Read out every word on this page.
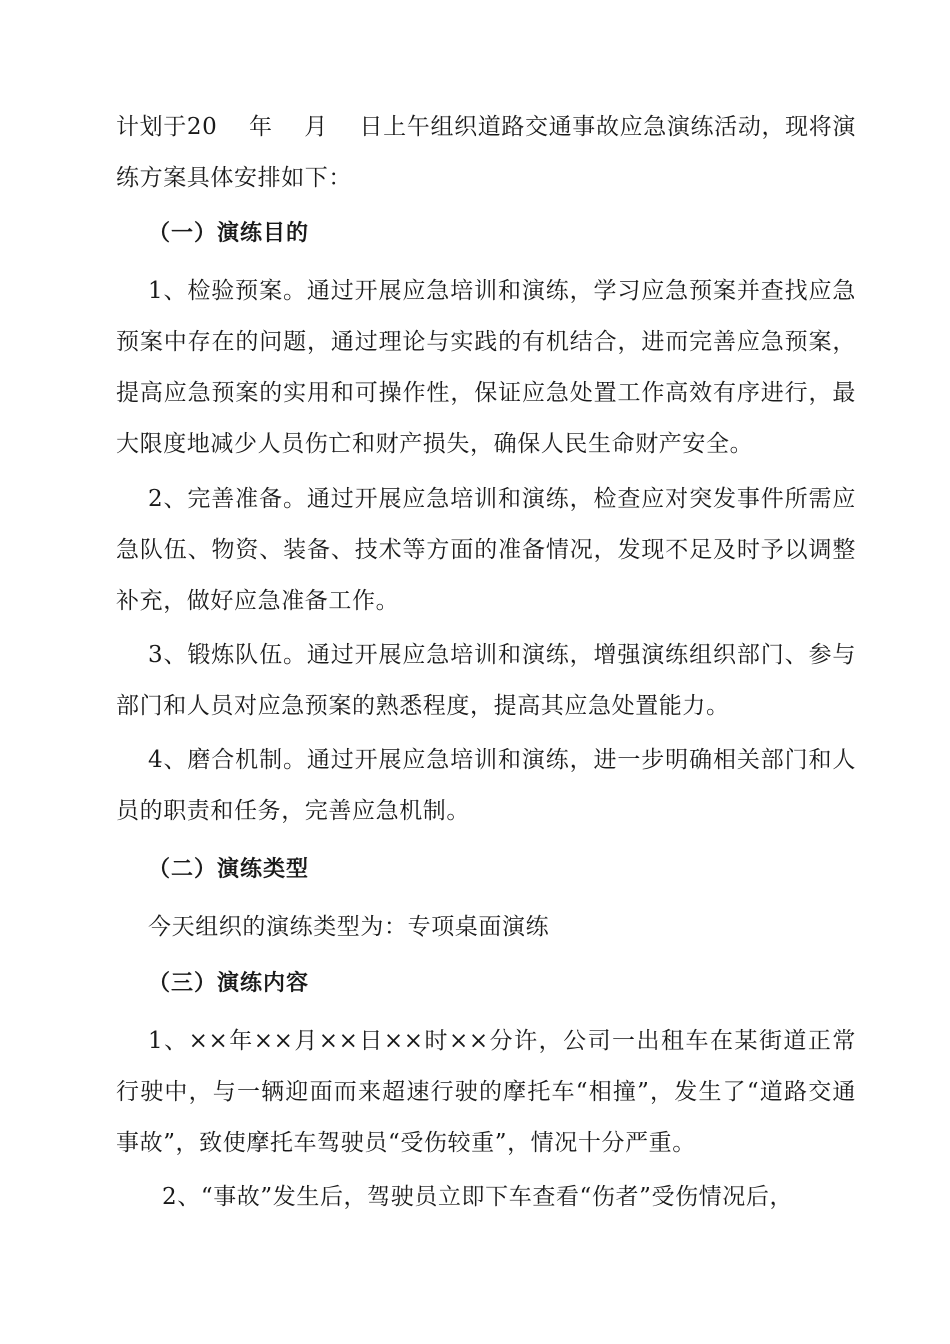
计划于20　 年　 月　 日上午组织道路交通事故应急演练活动，现将演练方案具体安排如下：

（一）演练目的

1、检验预案。通过开展应急培训和演练，学习应急预案并查找应急预案中存在的问题，通过理论与实践的有机结合，进而完善应急预案，提高应急预案的实用和可操作性，保证应急处置工作高效有序进行，最大限度地减少人员伤亡和财产损失，确保人民生命财产安全。

2、完善准备。通过开展应急培训和演练，检查应对突发事件所需应急队伍、物资、装备、技术等方面的准备情况，发现不足及时予以调整补充，做好应急准备工作。

3、锻炼队伍。通过开展应急培训和演练，增强演练组织部门、参与部门和人员对应急预案的熟悉程度，提高其应急处置能力。

4、磨合机制。通过开展应急培训和演练，进一步明确相关部门和人员的职责和任务，完善应急机制。

（二）演练类型

今天组织的演练类型为：专项桌面演练

（三）演练内容

1、××年××月××日××时××分许，公司一出租车在某街道正常行驶中，与一辆迎面而来超速行驶的摩托车“相撞”，发生了“道路交通事故”，致使摩托车驾驶员“受伤较重”，情况十分严重。

2、“事故”发生后，驾驶员立即下车查看“伤者”受伤情况后，
